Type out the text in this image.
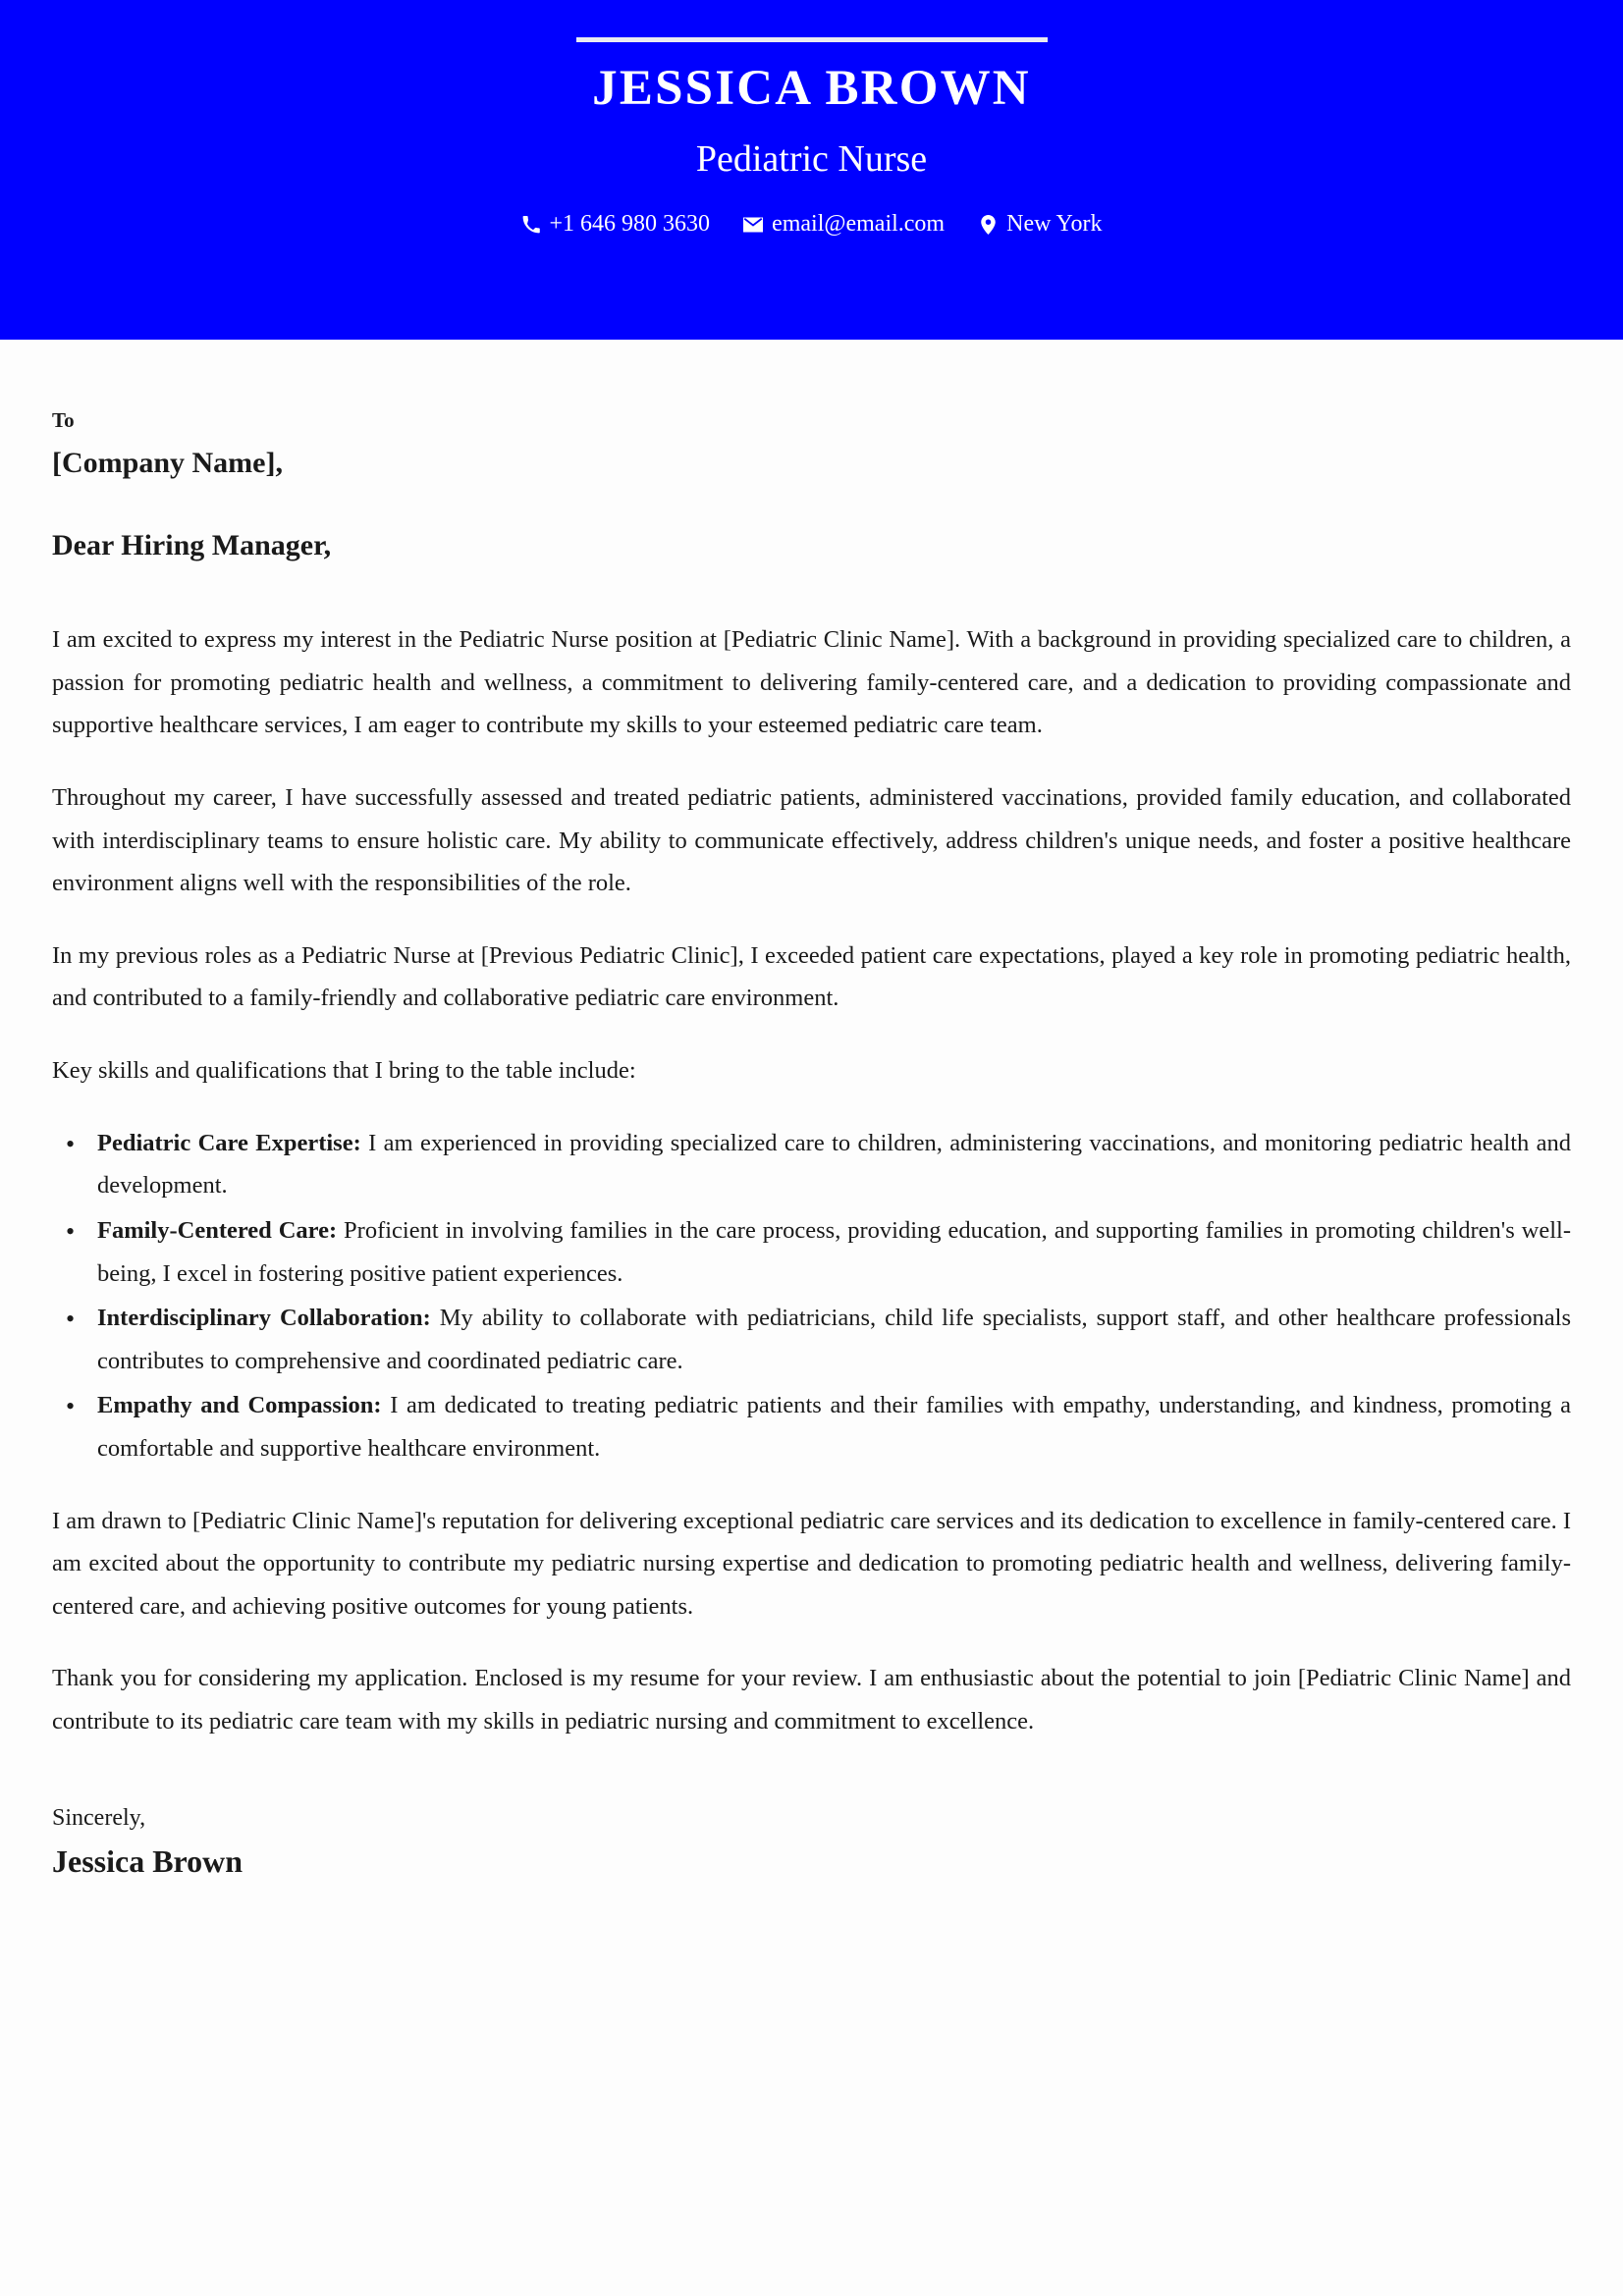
JESSICA BROWN
Pediatric Nurse
+1 646 980 3630	email@email.com	New York
To
[Company Name],
Dear Hiring Manager,

I am excited to express my interest in the Pediatric Nurse position at [Pediatric Clinic Name]. With a background in providing specialized care to children, a passion for promoting pediatric health and wellness, a commitment to delivering family-centered care, and a dedication to providing compassionate and supportive healthcare services, I am eager to contribute my skills to your esteemed pediatric care team.

Throughout my career, I have successfully assessed and treated pediatric patients, administered vaccinations, provided family education, and collaborated with interdisciplinary teams to ensure holistic care. My ability to communicate effectively, address children's unique needs, and foster a positive healthcare environment aligns well with the responsibilities of the role.

In my previous roles as a Pediatric Nurse at [Previous Pediatric Clinic], I exceeded patient care expectations, played a key role in promoting pediatric health, and contributed to a family-friendly and collaborative pediatric care environment.

Key skills and qualifications that I bring to the table include:

• Pediatric Care Expertise: I am experienced in providing specialized care to children, administering vaccinations, and monitoring pediatric health and development.
• Family-Centered Care: Proficient in involving families in the care process, providing education, and supporting families in promoting children's well-being, I excel in fostering positive patient experiences.
• Interdisciplinary Collaboration: My ability to collaborate with pediatricians, child life specialists, support staff, and other healthcare professionals contributes to comprehensive and coordinated pediatric care.
• Empathy and Compassion: I am dedicated to treating pediatric patients and their families with empathy, understanding, and kindness, promoting a comfortable and supportive healthcare environment.

I am drawn to [Pediatric Clinic Name]'s reputation for delivering exceptional pediatric care services and its dedication to excellence in family-centered care. I am excited about the opportunity to contribute my pediatric nursing expertise and dedication to promoting pediatric health and wellness, delivering family-centered care, and achieving positive outcomes for young patients.

Thank you for considering my application. Enclosed is my resume for your review. I am enthusiastic about the potential to join [Pediatric Clinic Name] and contribute to its pediatric care team with my skills in pediatric nursing and commitment to excellence.

Sincerely,
Jessica Brown
